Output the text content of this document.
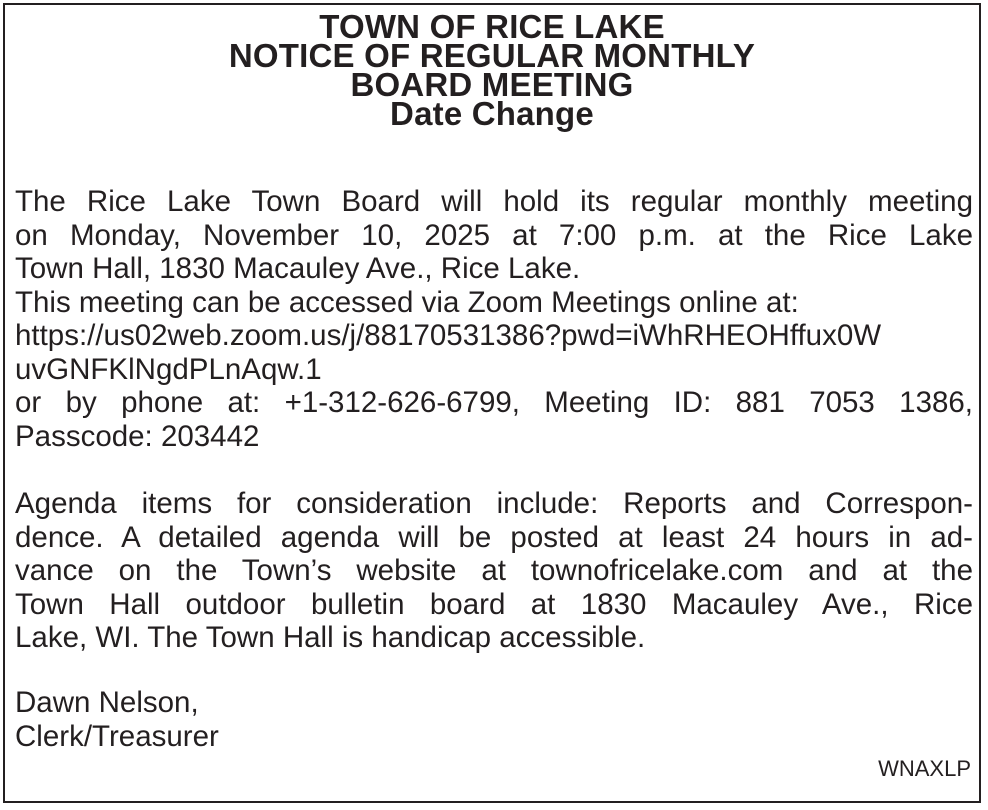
TOWN OF RICE LAKE
NOTICE OF REGULAR MONTHLY
BOARD MEETING
Date Change
The Rice Lake Town Board will hold its regular monthly meeting
on Monday, November 10, 2025 at 7:00 p.m. at the Rice Lake
Town Hall, 1830 Macauley Ave., Rice Lake.
This meeting can be accessed via Zoom Meetings online at:
https://us02web.zoom.us/j/88170531386?pwd=iWhRHEOHffux0W
uvGNFKlNgdPLnAqw.1
or by phone at: +1-312-626-6799, Meeting ID: 881 7053 1386,
Passcode: 203442
Agenda items for consideration include: Reports and Correspon-
dence. A detailed agenda will be posted at least 24 hours in ad-
vance on the Town’s website at townofricelake.com and at the
Town Hall outdoor bulletin board at 1830 Macauley Ave., Rice
Lake, WI. The Town Hall is handicap accessible.
Dawn Nelson,
Clerk/Treasurer
WNAXLP
